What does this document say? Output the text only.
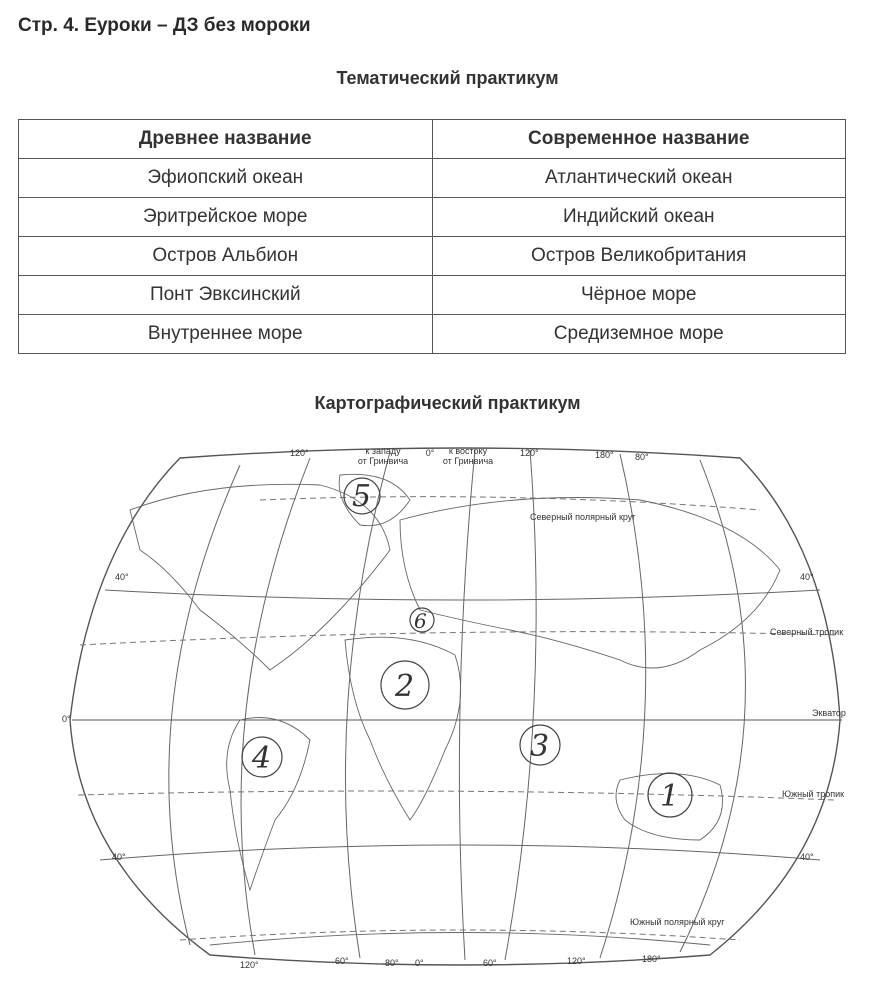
Стр. 4. Еуроки – ДЗ без мороки
Тематический практикум
Древнее название	Современное название
Эфиопский океан	Атлантический океан
Эритрейское море	Индийский океан
Остров Альбион	Остров Великобритания
Понт Эвксинский	Чёрное море
Внутреннее море	Средиземное море
Картографический практикум
к западу
от Гринвича
к востоку
от Гринвича
0°
120°	120°	180° 80°
Северный полярный круг
Северный тропик
Экватор
Южный тропик
Южный полярный круг
40°	40°
0°
40°	40°
120°	60°	80° 0°	60°	120°	180°
1
2
3
4
5
6
